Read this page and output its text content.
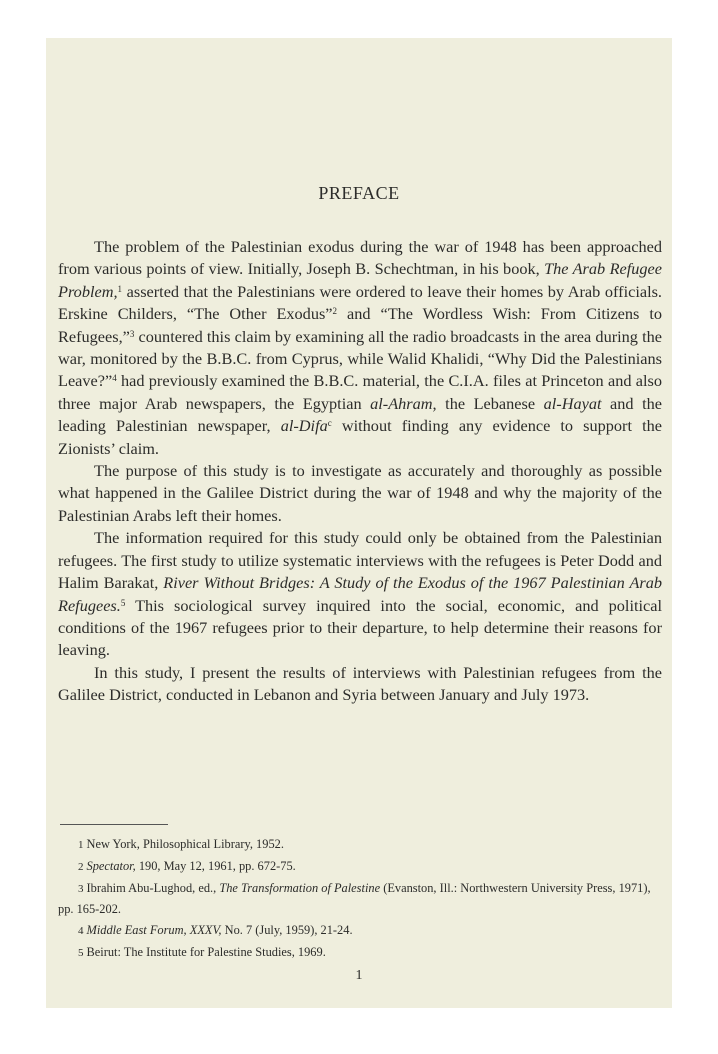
PREFACE

The problem of the Palestinian exodus during the war of 1948 has been approached from various points of view. Initially, Joseph B. Schechtman, in his book, The Arab Refugee Problem,$^1$ asserted that the Palestinians were ordered to leave their homes by Arab officials. Erskine Childers, “The Other Exodus”$^2$ and “The Wordless Wish: From Citizens to Refugees,”$^3$ countered this claim by examining all the radio broadcasts in the area during the war, monitored by the B.B.C. from Cyprus, while Walid Khalidi, “Why Did the Palestinians Leave?”$^4$ had previously examined the B.B.C. material, the C.I.A. files at Princeton and also three major Arab newspapers, the Egyptian al-Ahram, the Lebanese al-Hayat and the leading Palestinian newspaper, al-Difa$^c$ without finding any evidence to support the Zionists’ claim.

The purpose of this study is to investigate as accurately and thoroughly as possible what happened in the Galilee District during the war of 1948 and why the majority of the Palestinian Arabs left their homes.

The information required for this study could only be obtained from the Palestinian refugees. The first study to utilize systematic interviews with the refugees is Peter Dodd and Halim Barakat, River Without Bridges: A Study of the Exodus of the 1967 Palestinian Arab Refugees.$^5$ This sociological survey inquired into the social, economic, and political conditions of the 1967 refugees prior to their departure, to help determine their reasons for leaving.

In this study, I present the results of interviews with Palestinian refugees from the Galilee District, conducted in Lebanon and Syria between January and July 1973.

1 New York, Philosophical Library, 1952.
2 Spectator, 190, May 12, 1961, pp. 672-75.
3 Ibrahim Abu-Lughod, ed., The Transformation of Palestine (Evanston, Ill.: Northwestern University Press, 1971), pp. 165-202.
4 Middle East Forum, XXXV, No. 7 (July, 1959), 21-24.
5 Beirut: The Institute for Palestine Studies, 1969.
1
